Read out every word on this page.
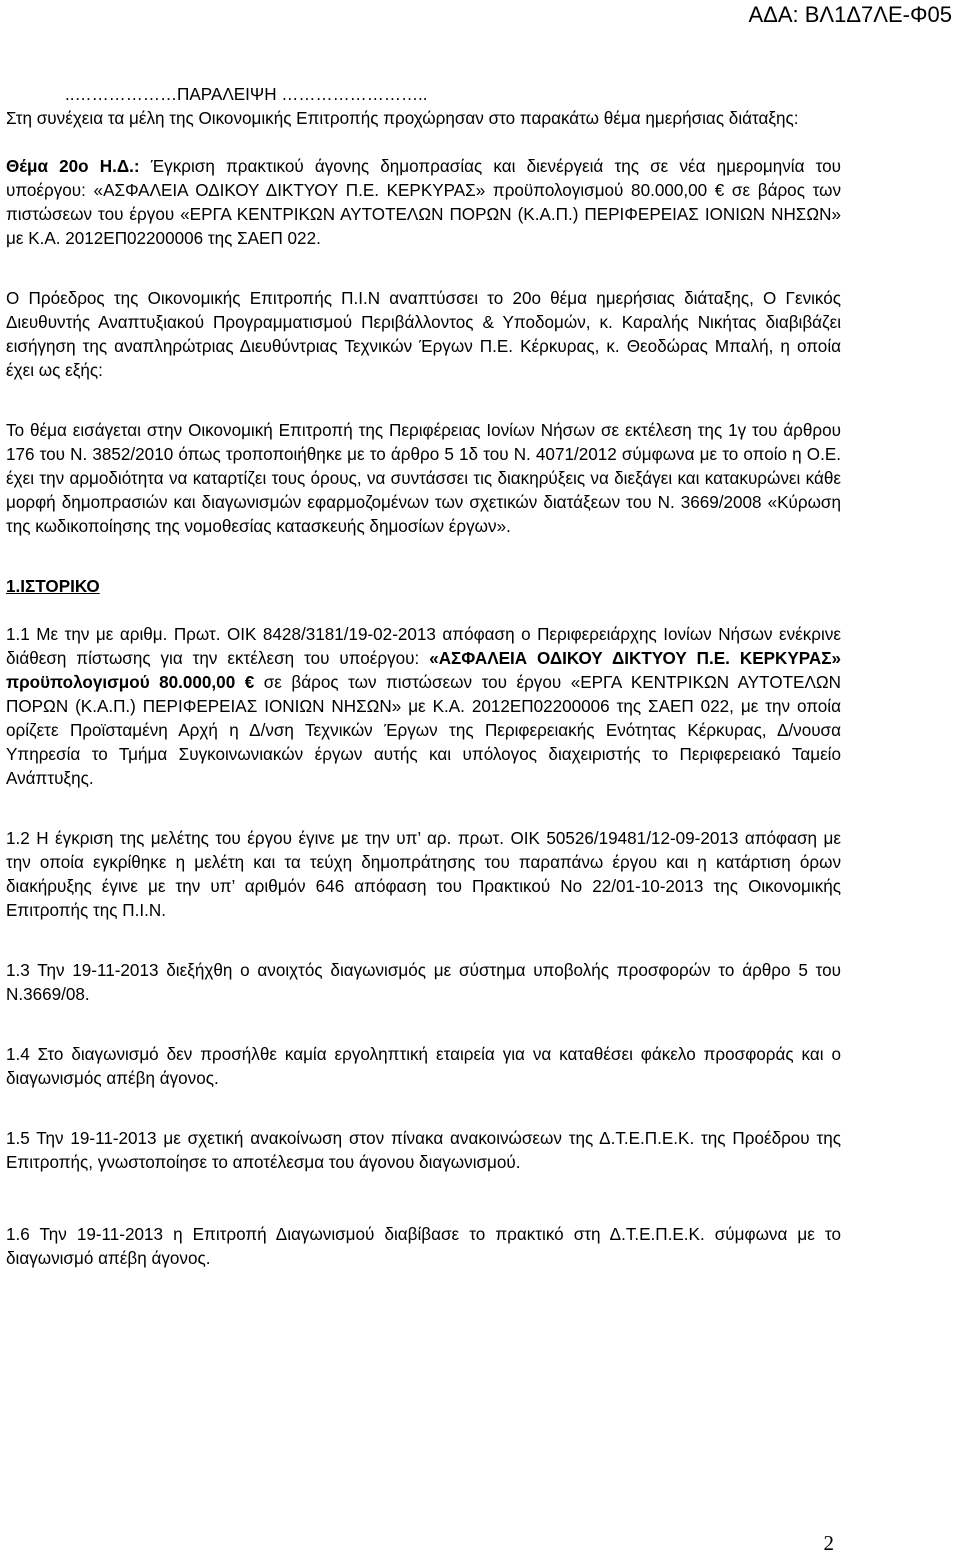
ΑΔΑ: ΒΛ1Δ7ΛΕ-Φ05

..………………ΠΑΡΑΛΕΙΨΗ ……………………..

Στη συνέχεια τα μέλη της Οικονομικής Επιτροπής προχώρησαν στο παρακάτω θέμα ημερήσιας διάταξης:

Θέμα 20ο Η.Δ.: Έγκριση πρακτικού άγονης δημοπρασίας και διενέργειά της σε νέα ημερομηνία του υποέργου: «ΑΣΦΑΛΕΙΑ ΟΔΙΚΟΥ ΔΙΚΤΥΟΥ Π.Ε. ΚΕΡΚΥΡΑΣ» προϋπολογισμού 80.000,00 € σε βάρος των πιστώσεων του έργου «ΕΡΓΑ ΚΕΝΤΡΙΚΩΝ ΑΥΤΟΤΕΛΩΝ ΠΟΡΩΝ (Κ.Α.Π.) ΠΕΡΙΦΕΡΕΙΑΣ ΙΟΝΙΩΝ ΝΗΣΩΝ» με Κ.Α. 2012ΕΠ02200006 της ΣΑΕΠ 022.

Ο Πρόεδρος της Οικονομικής Επιτροπής Π.Ι.Ν αναπτύσσει το 20ο θέμα ημερήσιας διάταξης, Ο Γενικός Διευθυντής Αναπτυξιακού Προγραμματισμού Περιβάλλοντος & Υποδομών, κ. Καραλής Νικήτας διαβιβάζει εισήγηση της αναπληρώτριας Διευθύντριας Τεχνικών Έργων Π.Ε. Κέρκυρας, κ. Θεοδώρας Μπαλή, η οποία έχει ως εξής:

Το θέμα εισάγεται στην Οικονομική Επιτροπή της Περιφέρειας Ιονίων Νήσων σε εκτέλεση της 1γ του άρθρου 176 του Ν. 3852/2010 όπως τροποποιήθηκε με το άρθρο 5 1δ του Ν. 4071/2012 σύμφωνα με το οποίο η Ο.Ε. έχει την αρμοδιότητα να καταρτίζει τους όρους, να συντάσσει τις διακηρύξεις να διεξάγει και κατακυρώνει κάθε μορφή δημοπρασιών και διαγωνισμών εφαρμοζομένων των σχετικών διατάξεων του Ν. 3669/2008 «Κύρωση της κωδικοποίησης της νομοθεσίας κατασκευής δημοσίων έργων».

1.ΙΣΤΟΡΙΚΟ

1.1 Με την με αριθμ. Πρωτ. ΟΙΚ 8428/3181/19-02-2013 απόφαση ο Περιφερειάρχης Ιονίων Νήσων ενέκρινε διάθεση πίστωσης για την εκτέλεση του υποέργου: «ΑΣΦΑΛΕΙΑ ΟΔΙΚΟΥ ΔΙΚΤΥΟΥ Π.Ε. ΚΕΡΚΥΡΑΣ» προϋπολογισμού 80.000,00 € σε βάρος των πιστώσεων του έργου «ΕΡΓΑ ΚΕΝΤΡΙΚΩΝ ΑΥΤΟΤΕΛΩΝ ΠΟΡΩΝ (Κ.Α.Π.) ΠΕΡΙΦΕΡΕΙΑΣ ΙΟΝΙΩΝ ΝΗΣΩΝ» με Κ.Α. 2012ΕΠ02200006 της ΣΑΕΠ 022, με την οποία ορίζετε Προϊσταμένη Αρχή η Δ/νση Τεχνικών Έργων της Περιφερειακής Ενότητας Κέρκυρας, Δ/νουσα Υπηρεσία το Τμήμα Συγκοινωνιακών έργων αυτής και υπόλογος διαχειριστής το Περιφερειακό Ταμείο Ανάπτυξης.

1.2 Η έγκριση της μελέτης του έργου έγινε με την υπ’ αρ. πρωτ. ΟΙΚ 50526/19481/12-09-2013 απόφαση με την οποία εγκρίθηκε η μελέτη και τα τεύχη δημοπράτησης του παραπάνω έργου και η κατάρτιση όρων διακήρυξης έγινε με την υπ’ αριθμόν 646 απόφαση του Πρακτικού Νο 22/01-10-2013 της Οικονομικής Επιτροπής της Π.Ι.Ν.

1.3 Την 19-11-2013 διεξήχθη ο ανοιχτός διαγωνισμός με σύστημα υποβολής προσφορών το άρθρο 5 του Ν.3669/08.

1.4 Στο διαγωνισμό δεν προσήλθε καμία εργοληπτική εταιρεία για να καταθέσει φάκελο προσφοράς και ο διαγωνισμός απέβη άγονος.

1.5 Την 19-11-2013 με σχετική ανακοίνωση στον πίνακα ανακοινώσεων της Δ.Τ.Ε.Π.Ε.Κ. της Προέδρου της Επιτροπής, γνωστοποίησε το αποτέλεσμα του άγονου διαγωνισμού.

1.6 Την 19-11-2013 η Επιτροπή Διαγωνισμού διαβίβασε το πρακτικό στη Δ.Τ.Ε.Π.Ε.Κ. σύμφωνα με το διαγωνισμό απέβη άγονος.

2
